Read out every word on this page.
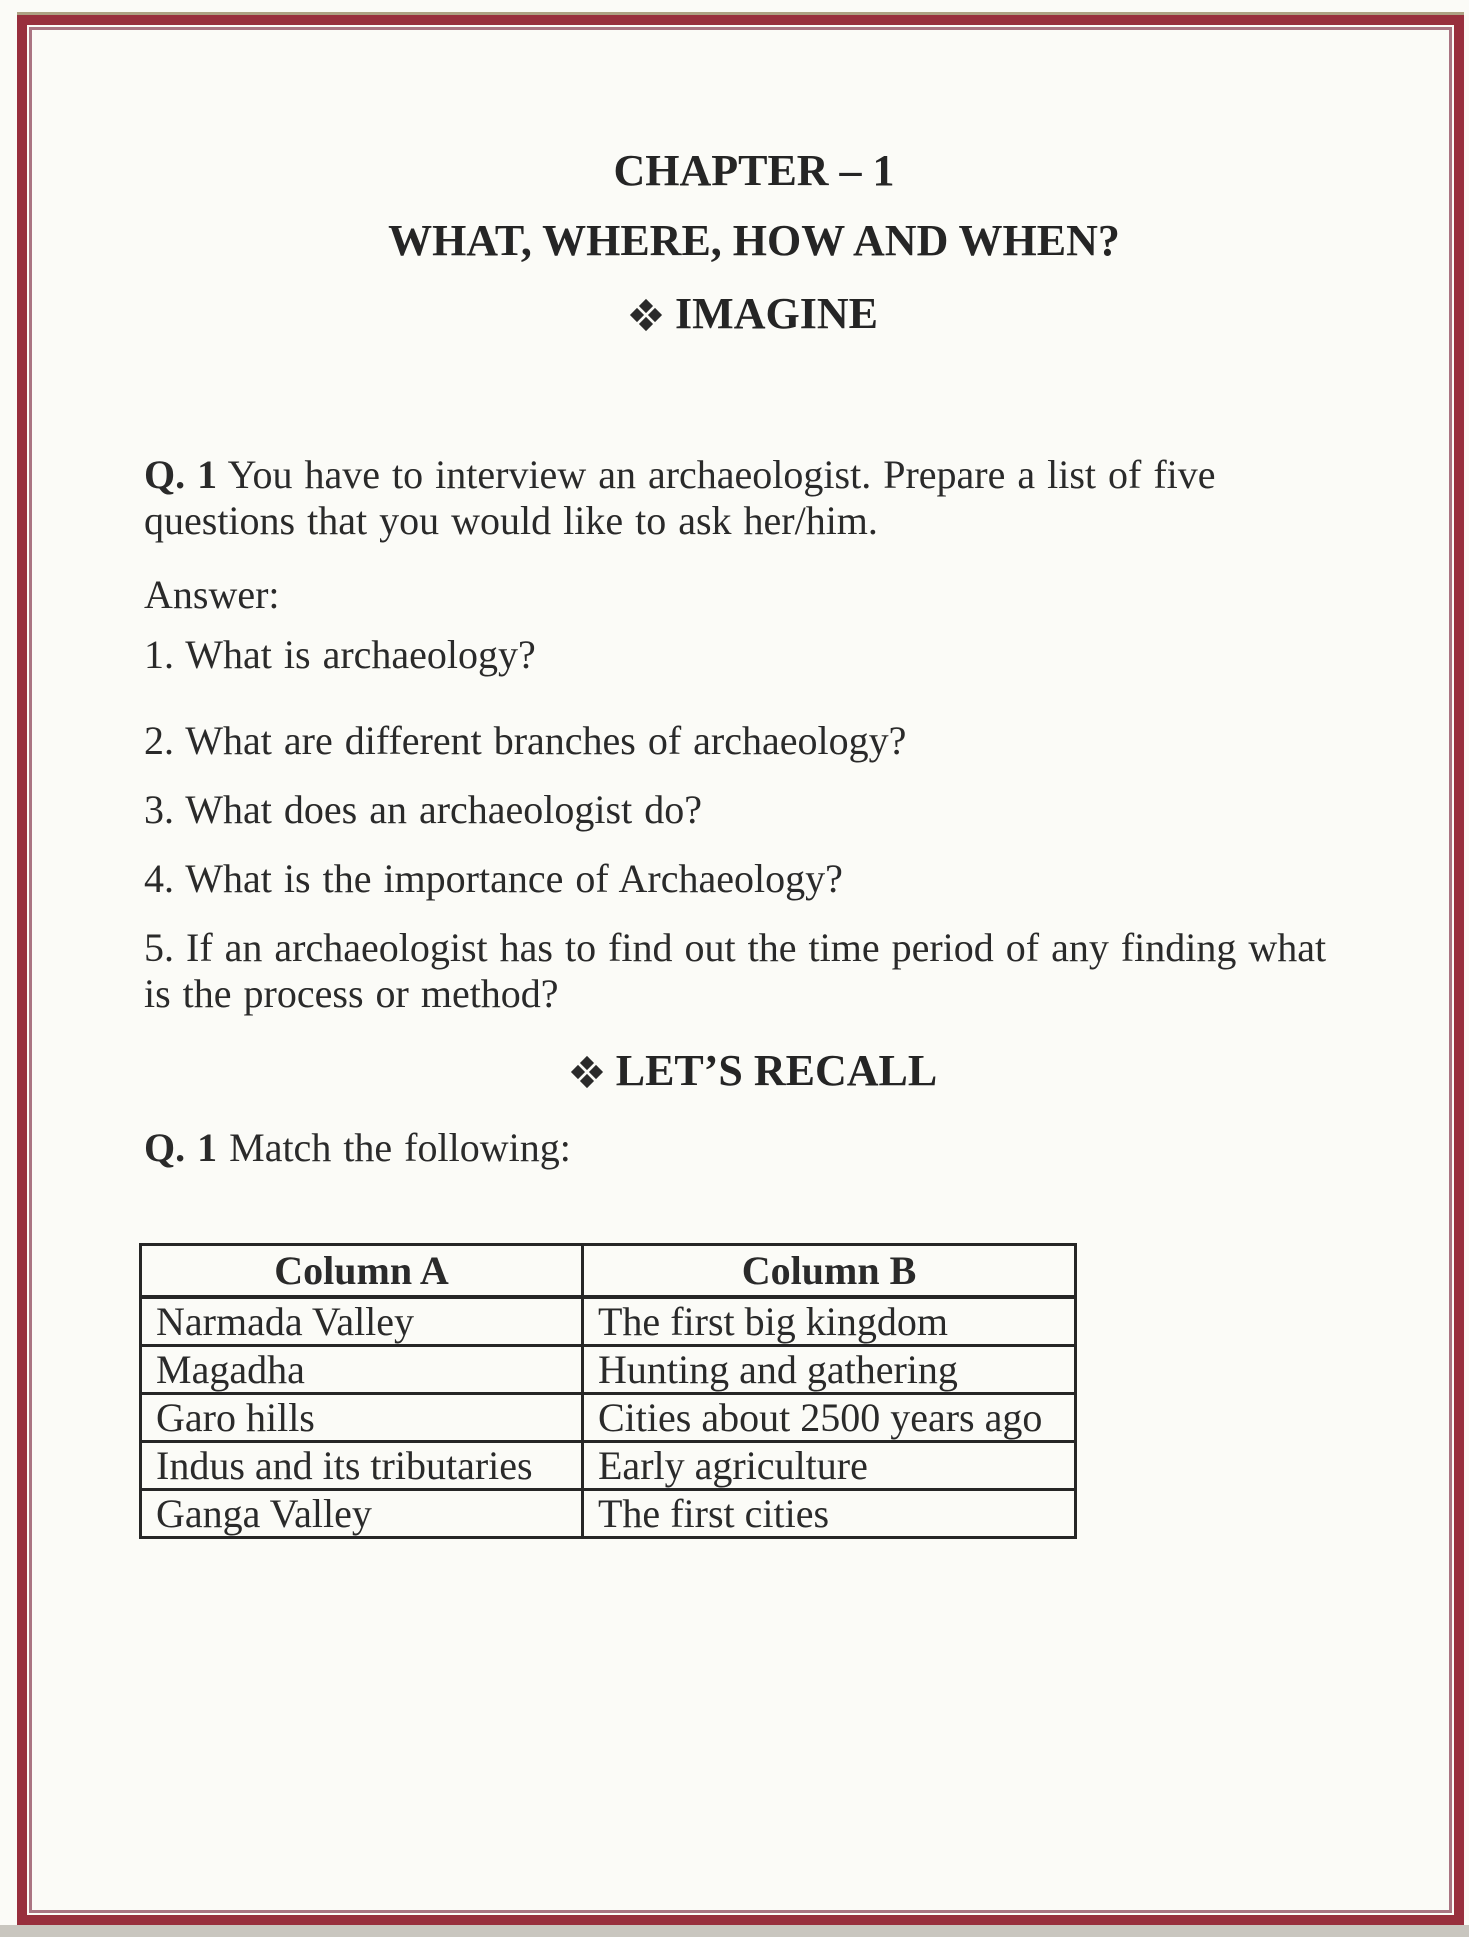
CHAPTER – 1
WHAT, WHERE, HOW AND WHEN?
IMAGINE

Q. 1 You have to interview an archaeologist. Prepare a list of five

questions that you would like to ask her/him.

Answer:

1. What is archaeology?

2. What are different branches of archaeology?

3. What does an archaeologist do?

4. What is the importance of Archaeology?

5. If an archaeologist has to find out the time period of any finding what

is the process or method?

LET’S RECALL

Q. 1 Match the following:

Column A	Column B
Narmada Valley	The first big kingdom
Magadha	Hunting and gathering
Garo hills	Cities about 2500 years ago
Indus and its tributaries	Early agriculture
Ganga Valley	The first cities
